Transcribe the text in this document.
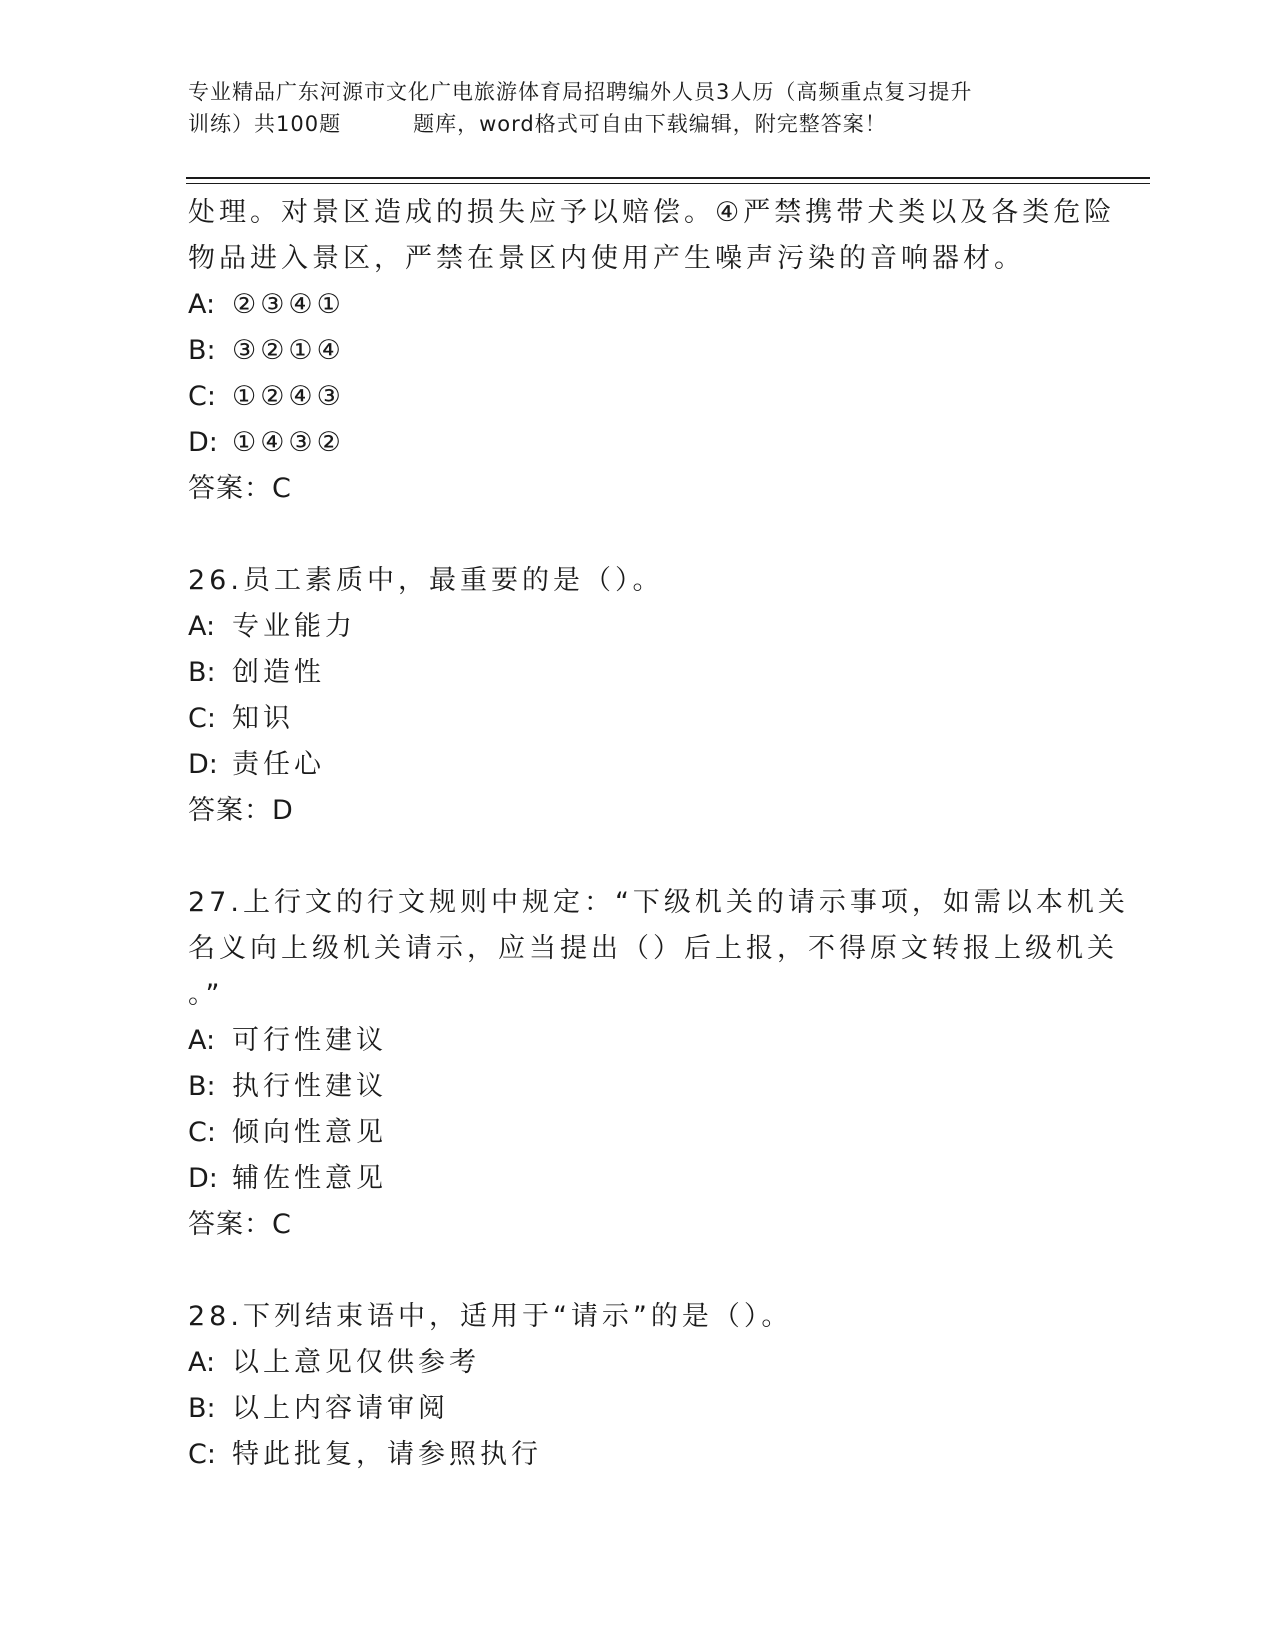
专业精品广东河源市文化广电旅游体育局招聘编外人员3人历（高频重点复习提升
训练）共100题	题库，word格式可自由下载编辑，附完整答案！
处理。对景区造成的损失应予以赔偿。④严禁携带犬类以及各类危险
物品进入景区，严禁在景区内使用产生噪声污染的音响器材。
A: ②③④①
B: ③②①④
C: ①②④③
D: ①④③②
答案：C
26.员工素质中，最重要的是（）。
A: 专业能力
B: 创造性
C: 知识
D: 责任心
答案：D
27.上行文的行文规则中规定：“下级机关的请示事项，如需以本机关
名义向上级机关请示，应当提出（）后上报，不得原文转报上级机关
。”
A: 可行性建议
B: 执行性建议
C: 倾向性意见
D: 辅佐性意见
答案：C
28.下列结束语中，适用于“请示”的是（）。
A: 以上意见仅供参考
B: 以上内容请审阅
C: 特此批复，请参照执行
